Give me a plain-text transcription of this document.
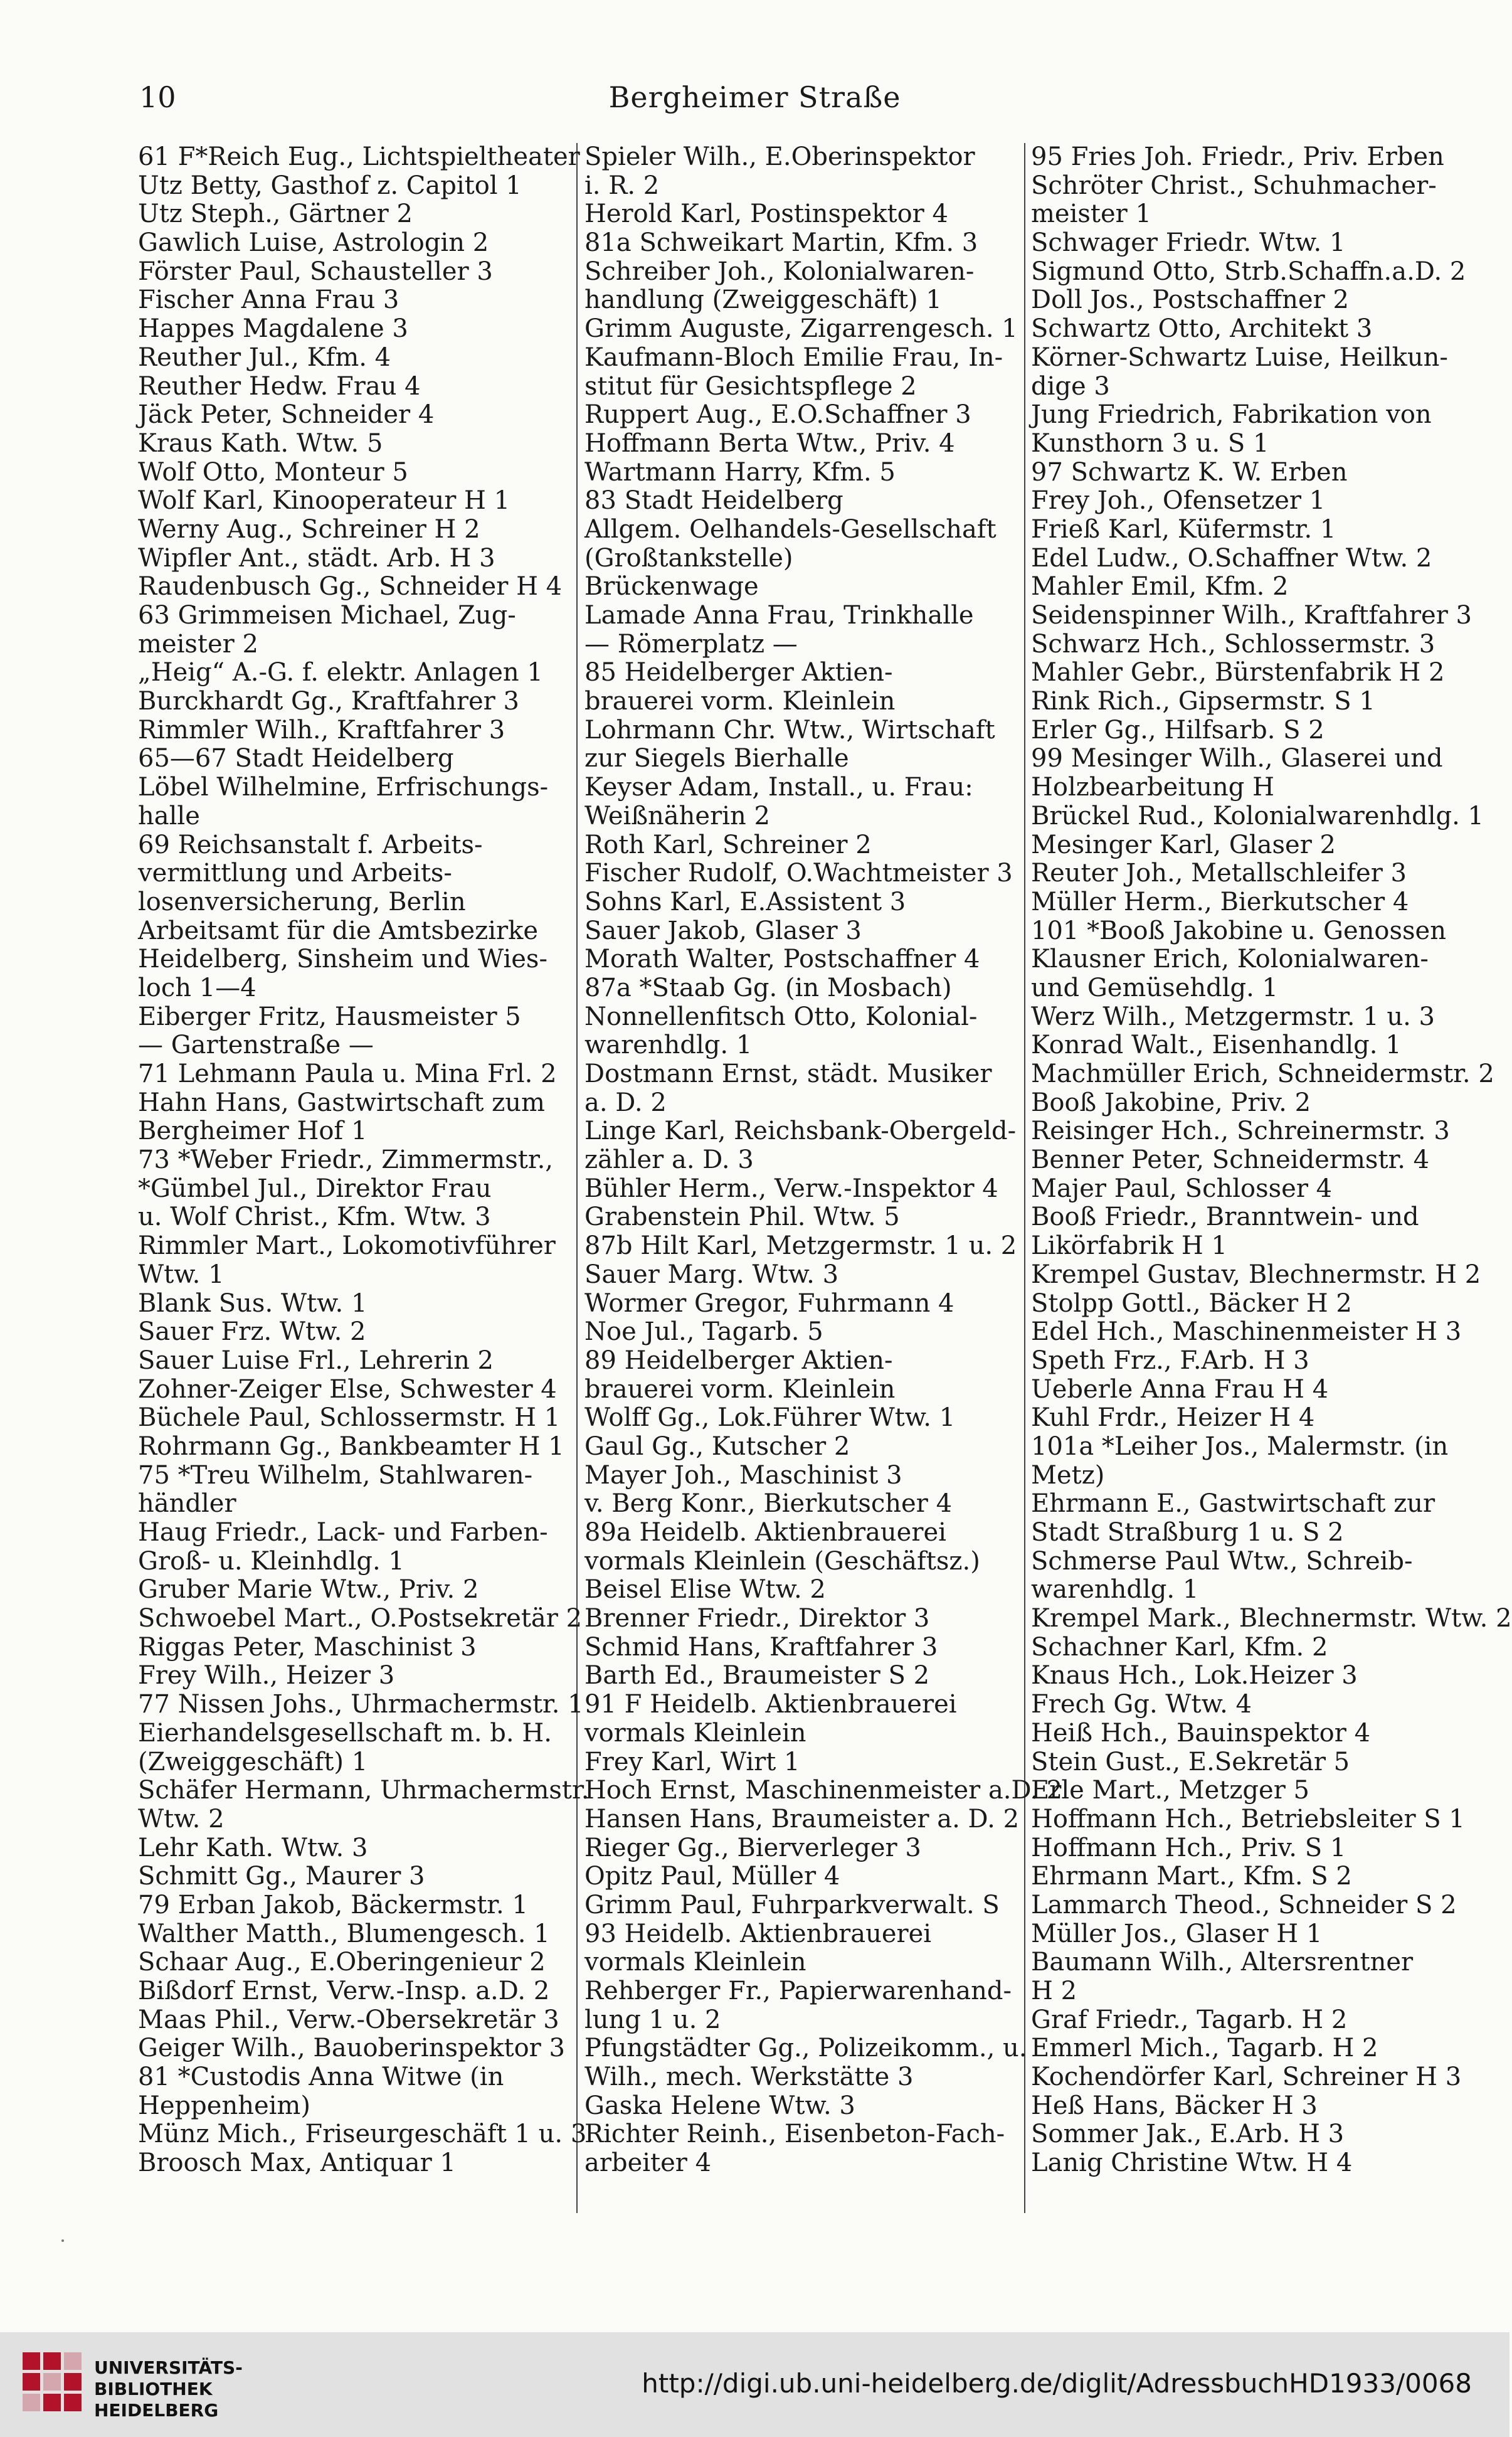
10	Bergheimer Straße
61 F*Reich Eug., Lichtspieltheater
Utz Betty, Gasthof z. Capitol 1
Utz Steph., Gärtner 2
Gawlich Luise, Astrologin 2
Förster Paul, Schausteller 3
Fischer Anna Frau 3
Happes Magdalene 3
Reuther Jul., Kfm. 4
Reuther Hedw. Frau 4
Jäck Peter, Schneider 4
Kraus Kath. Wtw. 5
Wolf Otto, Monteur 5
Wolf Karl, Kinooperateur H 1
Werny Aug., Schreiner H 2
Wipfler Ant., städt. Arb. H 3
Raudenbusch Gg., Schneider H 4
63 Grimmeisen Michael, Zug-
meister 2
„Heig“ A.-G. f. elektr. Anlagen 1
Burckhardt Gg., Kraftfahrer 3
Rimmler Wilh., Kraftfahrer 3
65—67 Stadt Heidelberg
Löbel Wilhelmine, Erfrischungs-
halle
69 Reichsanstalt f. Arbeits-
vermittlung und Arbeits-
losenversicherung, Berlin
Arbeitsamt für die Amtsbezirke
Heidelberg, Sinsheim und Wies-
loch 1—4
Eiberger Fritz, Hausmeister 5
— Gartenstraße —
71 Lehmann Paula u. Mina Frl. 2
Hahn Hans, Gastwirtschaft zum
Bergheimer Hof 1
73 *Weber Friedr., Zimmermstr.,
*Gümbel Jul., Direktor Frau
u. Wolf Christ., Kfm. Wtw. 3
Rimmler Mart., Lokomotivführer
Wtw. 1
Blank Sus. Wtw. 1
Sauer Frz. Wtw. 2
Sauer Luise Frl., Lehrerin 2
Zohner-Zeiger Else, Schwester 4
Büchele Paul, Schlossermstr. H 1
Rohrmann Gg., Bankbeamter H 1
75 *Treu Wilhelm, Stahlwaren-
händler
Haug Friedr., Lack- und Farben-
Groß- u. Kleinhdlg. 1
Gruber Marie Wtw., Priv. 2
Schwoebel Mart., O.Postsekretär 2
Riggas Peter, Maschinist 3
Frey Wilh., Heizer 3
77 Nissen Johs., Uhrmachermstr. 1
Eierhandelsgesellschaft m. b. H.
(Zweiggeschäft) 1
Schäfer Hermann, Uhrmachermstr.
Wtw. 2
Lehr Kath. Wtw. 3
Schmitt Gg., Maurer 3
79 Erban Jakob, Bäckermstr. 1
Walther Matth., Blumengesch. 1
Schaar Aug., E.Oberingenieur 2
Bißdorf Ernst, Verw.-Insp. a.D. 2
Maas Phil., Verw.-Obersekretär 3
Geiger Wilh., Bauoberinspektor 3
81 *Custodis Anna Witwe (in
Heppenheim)
Münz Mich., Friseurgeschäft 1 u. 3
Broosch Max, Antiquar 1
Spieler Wilh., E.Oberinspektor
i. R. 2
Herold Karl, Postinspektor 4
81a Schweikart Martin, Kfm. 3
Schreiber Joh., Kolonialwaren-
handlung (Zweiggeschäft) 1
Grimm Auguste, Zigarrengesch. 1
Kaufmann-Bloch Emilie Frau, In-
stitut für Gesichtspflege 2
Ruppert Aug., E.O.Schaffner 3
Hoffmann Berta Wtw., Priv. 4
Wartmann Harry, Kfm. 5
83 Stadt Heidelberg
Allgem. Oelhandels-Gesellschaft
(Großtankstelle)
Brückenwage
Lamade Anna Frau, Trinkhalle
— Römerplatz —
85 Heidelberger Aktien-
brauerei vorm. Kleinlein
Lohrmann Chr. Wtw., Wirtschaft
zur Siegels Bierhalle
Keyser Adam, Install., u. Frau:
Weißnäherin 2
Roth Karl, Schreiner 2
Fischer Rudolf, O.Wachtmeister 3
Sohns Karl, E.Assistent 3
Sauer Jakob, Glaser 3
Morath Walter, Postschaffner 4
87a *Staab Gg. (in Mosbach)
Nonnellenfitsch Otto, Kolonial-
warenhdlg. 1
Dostmann Ernst, städt. Musiker
a. D. 2
Linge Karl, Reichsbank-Obergeld-
zähler a. D. 3
Bühler Herm., Verw.-Inspektor 4
Grabenstein Phil. Wtw. 5
87b Hilt Karl, Metzgermstr. 1 u. 2
Sauer Marg. Wtw. 3
Wormer Gregor, Fuhrmann 4
Noe Jul., Tagarb. 5
89 Heidelberger Aktien-
brauerei vorm. Kleinlein
Wolff Gg., Lok.Führer Wtw. 1
Gaul Gg., Kutscher 2
Mayer Joh., Maschinist 3
v. Berg Konr., Bierkutscher 4
89a Heidelb. Aktienbrauerei
vormals Kleinlein (Geschäftsz.)
Beisel Elise Wtw. 2
Brenner Friedr., Direktor 3
Schmid Hans, Kraftfahrer 3
Barth Ed., Braumeister S 2
91 F Heidelb. Aktienbrauerei
vormals Kleinlein
Frey Karl, Wirt 1
Hoch Ernst, Maschinenmeister a.D. 2
Hansen Hans, Braumeister a. D. 2
Rieger Gg., Bierverleger 3
Opitz Paul, Müller 4
Grimm Paul, Fuhrparkverwalt. S
93 Heidelb. Aktienbrauerei
vormals Kleinlein
Rehberger Fr., Papierwarenhand-
lung 1 u. 2
Pfungstädter Gg., Polizeikomm., u.
Wilh., mech. Werkstätte 3
Gaska Helene Wtw. 3
Richter Reinh., Eisenbeton-Fach-
arbeiter 4
95 Fries Joh. Friedr., Priv. Erben
Schröter Christ., Schuhmacher-
meister 1
Schwager Friedr. Wtw. 1
Sigmund Otto, Strb.Schaffn.a.D. 2
Doll Jos., Postschaffner 2
Schwartz Otto, Architekt 3
Körner-Schwartz Luise, Heilkun-
dige 3
Jung Friedrich, Fabrikation von
Kunsthorn 3 u. S 1
97 Schwartz K. W. Erben
Frey Joh., Ofensetzer 1
Frieß Karl, Küfermstr. 1
Edel Ludw., O.Schaffner Wtw. 2
Mahler Emil, Kfm. 2
Seidenspinner Wilh., Kraftfahrer 3
Schwarz Hch., Schlossermstr. 3
Mahler Gebr., Bürstenfabrik H 2
Rink Rich., Gipsermstr. S 1
Erler Gg., Hilfsarb. S 2
99 Mesinger Wilh., Glaserei und
Holzbearbeitung H
Brückel Rud., Kolonialwarenhdlg. 1
Mesinger Karl, Glaser 2
Reuter Joh., Metallschleifer 3
Müller Herm., Bierkutscher 4
101 *Booß Jakobine u. Genossen
Klausner Erich, Kolonialwaren-
und Gemüsehdlg. 1
Werz Wilh., Metzgermstr. 1 u. 3
Konrad Walt., Eisenhandlg. 1
Machmüller Erich, Schneidermstr. 2
Booß Jakobine, Priv. 2
Reisinger Hch., Schreinermstr. 3
Benner Peter, Schneidermstr. 4
Majer Paul, Schlosser 4
Booß Friedr., Branntwein- und
Likörfabrik H 1
Krempel Gustav, Blechnermstr. H 2
Stolpp Gottl., Bäcker H 2
Edel Hch., Maschinenmeister H 3
Speth Frz., F.Arb. H 3
Ueberle Anna Frau H 4
Kuhl Frdr., Heizer H 4
101a *Leiher Jos., Malermstr. (in
Metz)
Ehrmann E., Gastwirtschaft zur
Stadt Straßburg 1 u. S 2
Schmerse Paul Wtw., Schreib-
warenhdlg. 1
Krempel Mark., Blechnermstr. Wtw. 2
Schachner Karl, Kfm. 2
Knaus Hch., Lok.Heizer 3
Frech Gg. Wtw. 4
Heiß Hch., Bauinspektor 4
Stein Gust., E.Sekretär 5
Erle Mart., Metzger 5
Hoffmann Hch., Betriebsleiter S 1
Hoffmann Hch., Priv. S 1
Ehrmann Mart., Kfm. S 2
Lammarch Theod., Schneider S 2
Müller Jos., Glaser H 1
Baumann Wilh., Altersrentner
H 2
Graf Friedr., Tagarb. H 2
Emmerl Mich., Tagarb. H 2
Kochendörfer Karl, Schreiner H 3
Heß Hans, Bäcker H 3
Sommer Jak., E.Arb. H 3
Lanig Christine Wtw. H 4
UNIVERSITÄTS-
BIBLIOTHEK
HEIDELBERG
http://digi.ub.uni-heidelberg.de/diglit/AdressbuchHD1933/0068
